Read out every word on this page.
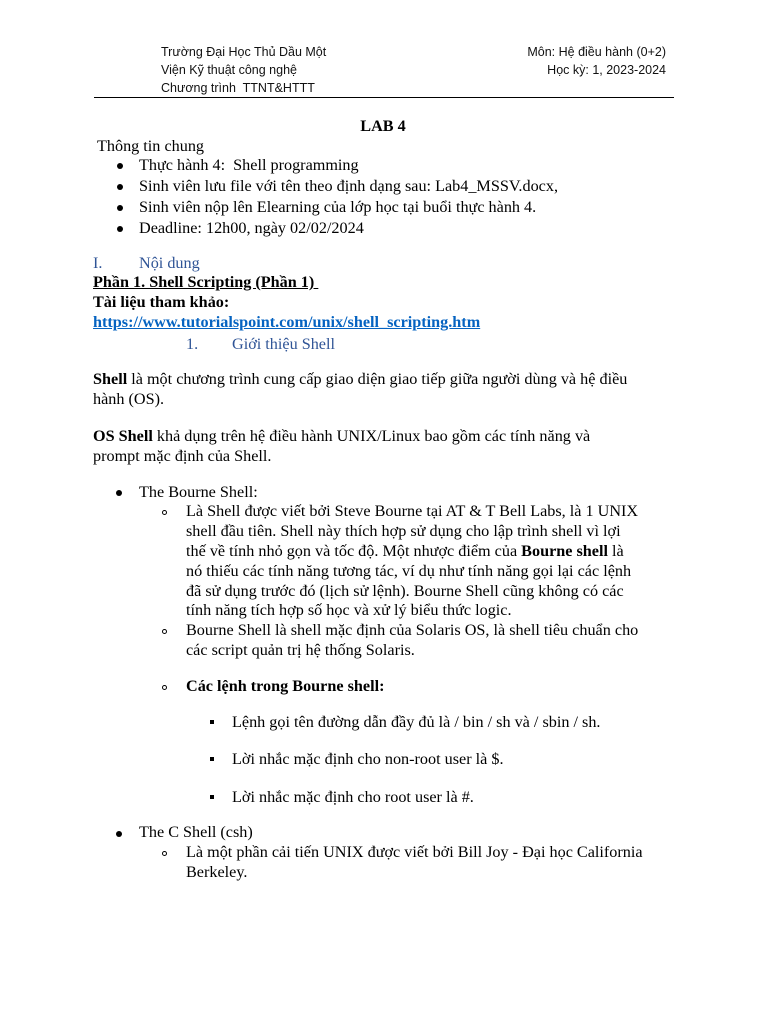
Trường Đại Học Thủ Dầu Một
Viện Kỹ thuật công nghệ
Chương trình  TTNT&HTTT
Môn: Hệ điều hành (0+2)
Học kỳ: 1, 2023-2024
LAB 4
Thông tin chung
Thực hành 4:  Shell programming
Sinh viên lưu file với tên theo định dạng sau: Lab4_MSSV.docx,
Sinh viên nộp lên Elearning của lớp học tại buổi thực hành 4.
Deadline: 12h00, ngày 02/02/2024
I. Nội dung
Phần 1. Shell Scripting (Phần 1)
Tài liệu tham khảo:
https://www.tutorialspoint.com/unix/shell_scripting.htm
1. Giới thiệu Shell
Shell là một chương trình cung cấp giao diện giao tiếp giữa người dùng và hệ điều
hành (OS).
OS Shell khả dụng trên hệ điều hành UNIX/Linux bao gồm các tính năng và
prompt mặc định của Shell.
The Bourne Shell:
Là Shell được viết bởi Steve Bourne tại AT & T Bell Labs, là 1 UNIX
shell đầu tiên. Shell này thích hợp sử dụng cho lập trình shell vì lợi
thế về tính nhỏ gọn và tốc độ. Một nhược điểm của Bourne shell là
nó thiếu các tính năng tương tác, ví dụ như tính năng gọi lại các lệnh
đã sử dụng trước đó (lịch sử lệnh). Bourne Shell cũng không có các
tính năng tích hợp số học và xử lý biểu thức logic.
Bourne Shell là shell mặc định của Solaris OS, là shell tiêu chuẩn cho
các script quản trị hệ thống Solaris.
Các lệnh trong Bourne shell:
Lệnh gọi tên đường dẫn đầy đủ là / bin / sh và / sbin / sh.
Lời nhắc mặc định cho non-root user là $.
Lời nhắc mặc định cho root user là #.
The C Shell (csh)
Là một phần cải tiến UNIX được viết bởi Bill Joy - Đại học California
Berkeley.
